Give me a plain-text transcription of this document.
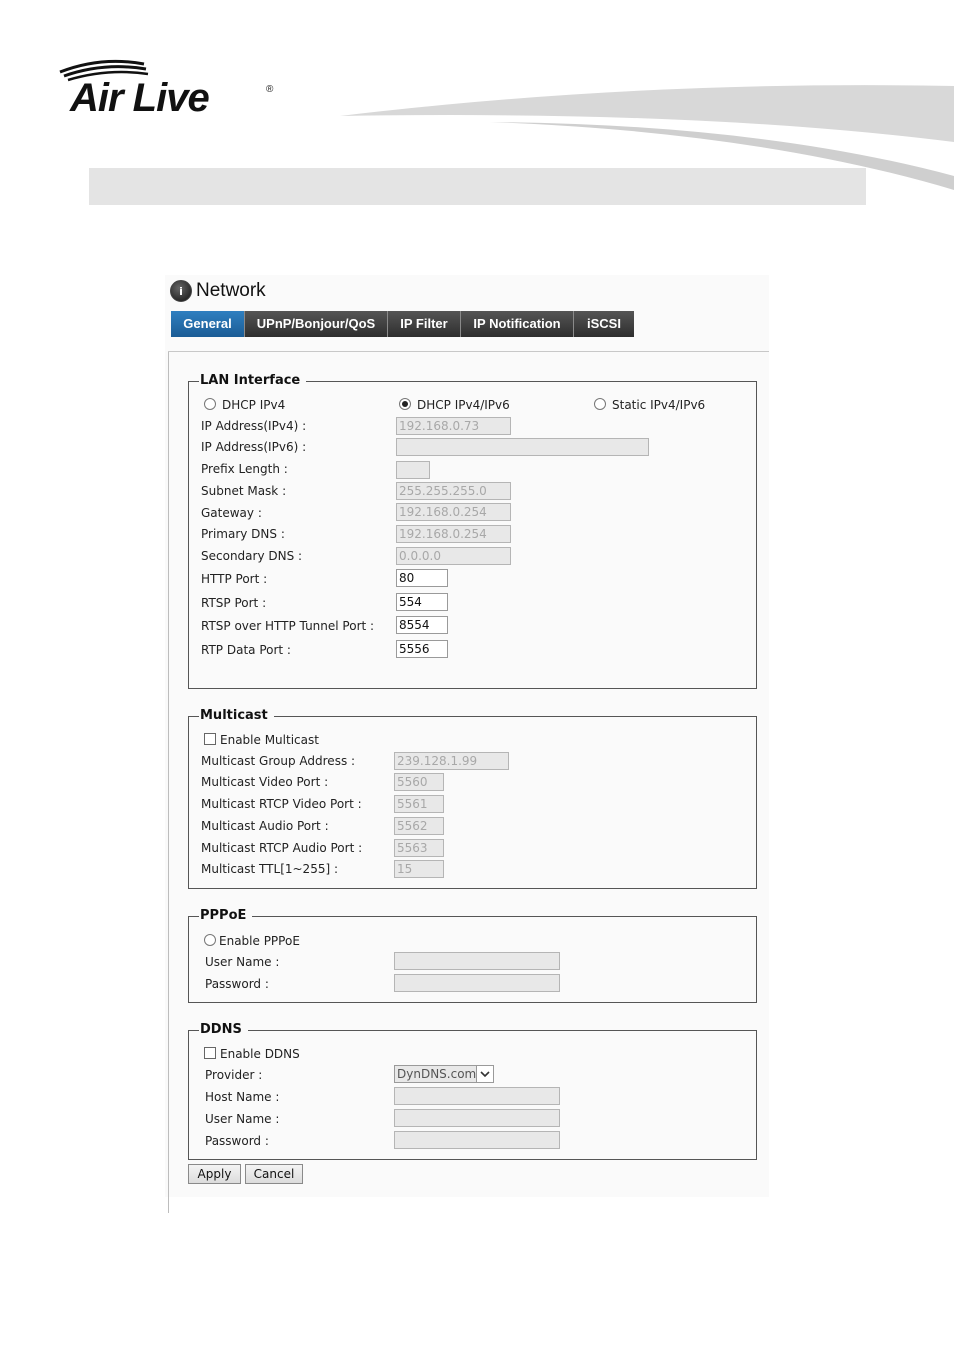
Air Live	®
i Network
General	UPnP/Bonjour/QoS	IP Filter	IP Notification	iSCSI
LAN Interface
DHCP IPv4	DHCP IPv4/IPv6	Static IPv4/IPv6
IP Address(IPv4) :	192.168.0.73
IP Address(IPv6) :
Prefix Length :
Subnet Mask :	255.255.255.0
Gateway :	192.168.0.254
Primary DNS :	192.168.0.254
Secondary DNS :	0.0.0.0
HTTP Port :	80
RTSP Port :	554
RTSP over HTTP Tunnel Port : 8554
RTP Data Port :	5556
Multicast
Enable Multicast
Multicast Group Address :	239.128.1.99
Multicast Video Port :	5560
Multicast RTCP Video Port :	5561
Multicast Audio Port :	5562
Multicast RTCP Audio Port :	5563
Multicast TTL[1~255] :	15
PPPoE
Enable PPPoE
User Name :
Password :
DDNS
Enable DDNS
Provider :	DynDNS.com
Host Name :
User Name :
Password :
Apply	Cancel
